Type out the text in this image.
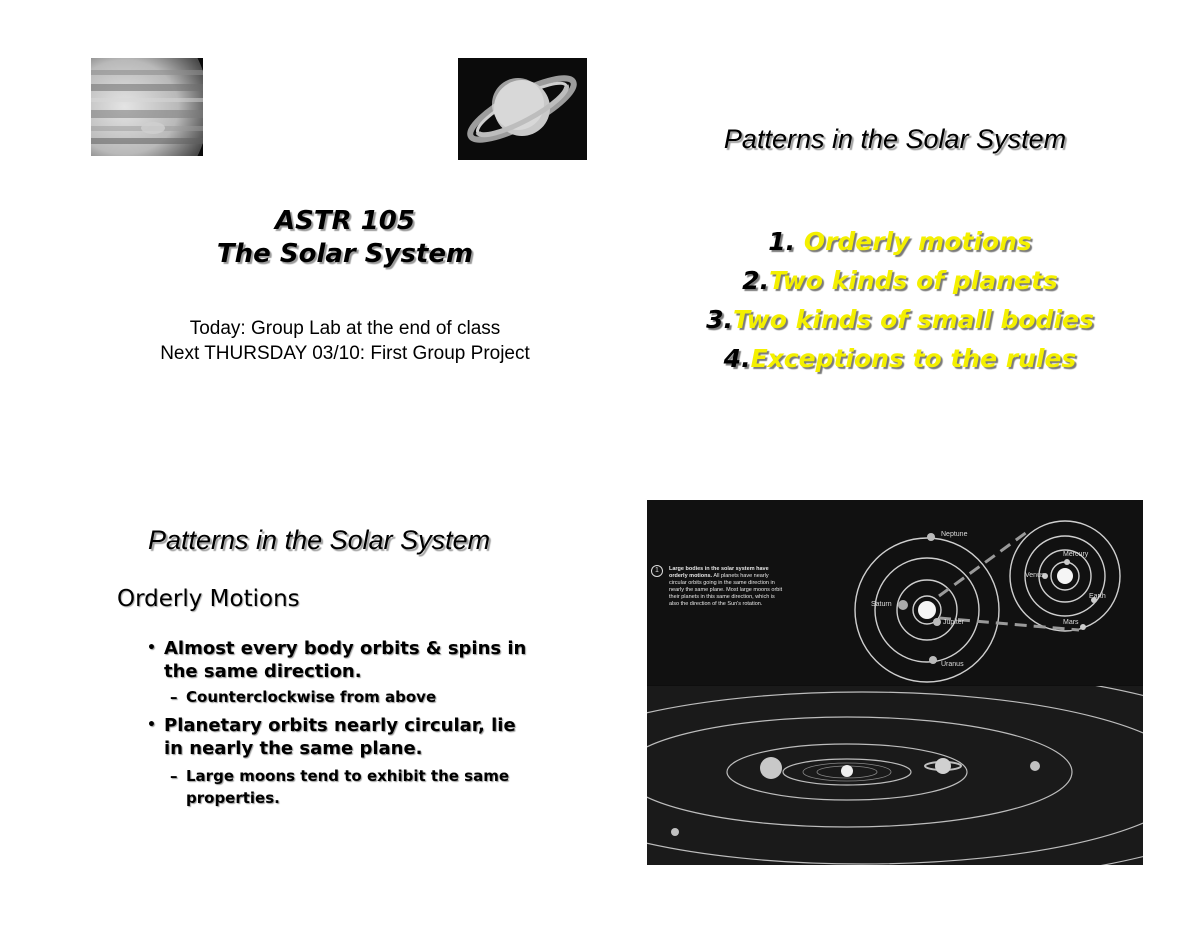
ASTR 105
The Solar System
Today: Group Lab at the end of class
Next THURSDAY 03/10: First Group Project
Patterns in the Solar System
1. Orderly motions
2.Two kinds of planets
3.Two kinds of small bodies
4.Exceptions to the rules
Patterns in the Solar System
Orderly Motions
• Almost every body orbits & spins in the same direction.
– Counterclockwise from above
• Planetary orbits nearly circular, lie in nearly the same plane.
– Large moons tend to exhibit the same properties.
1	Large bodies in the solar system have orderly motions. All planets have nearly circular orbits going in the same direction in nearly the same plane. Most large moons orbit their planets in this same direction, which is also the direction of the Sun's rotation.
Neptune
Saturn
Jupiter
Uranus
Mercury
Venus
Earth
Mars
